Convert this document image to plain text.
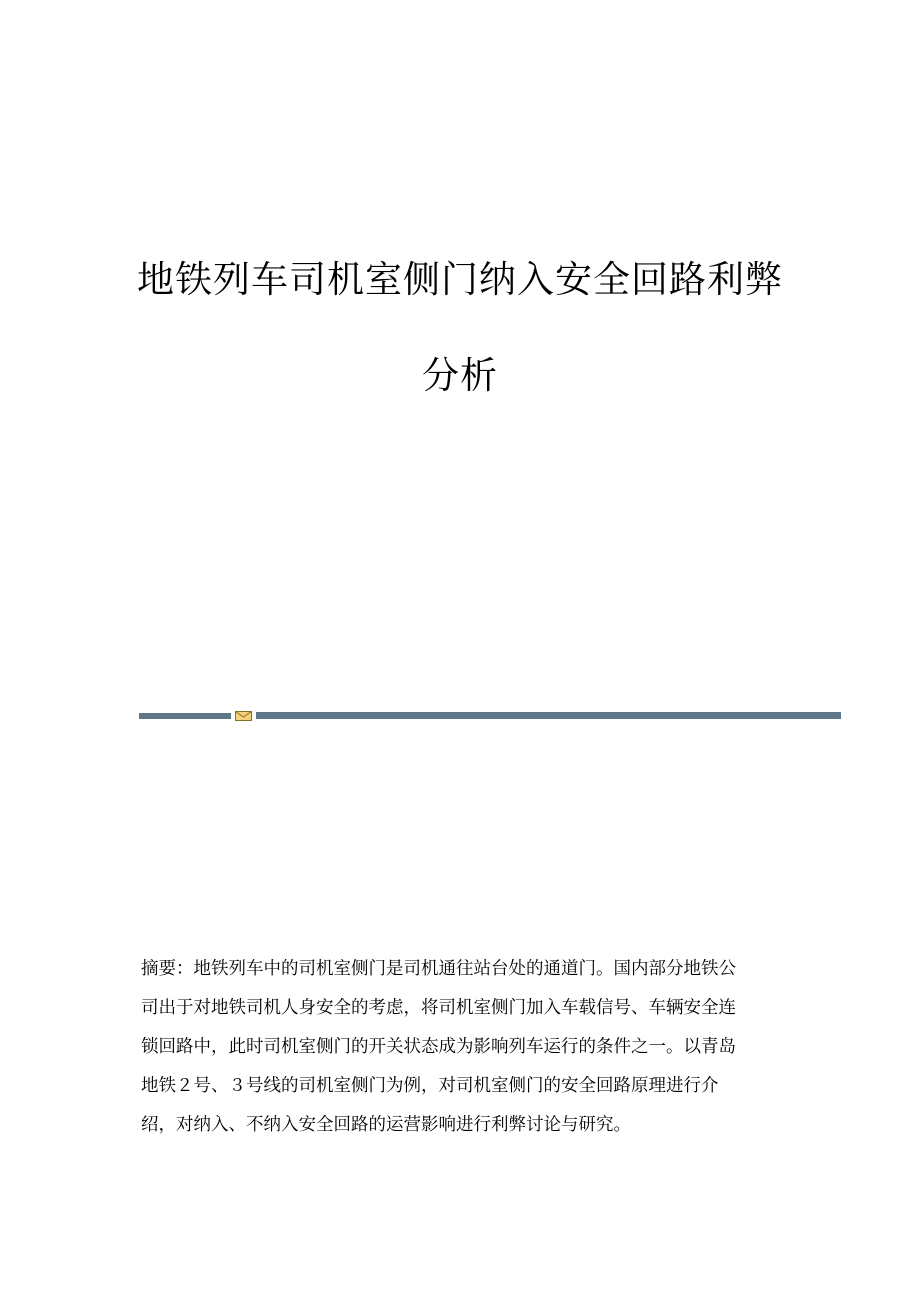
地铁列车司机室侧门纳入安全回路利弊
分析
摘要：地铁列车中的司机室侧门是司机通往站台处的通道门。国内部分地铁公
司出于对地铁司机人身安全的考虑，将司机室侧门加入车载信号、车辆安全连
锁回路中，此时司机室侧门的开关状态成为影响列车运行的条件之一。以青岛
地铁２号、３号线的司机室侧门为例，对司机室侧门的安全回路原理进行介
绍，对纳入、不纳入安全回路的运营影响进行利弊讨论与研究。
